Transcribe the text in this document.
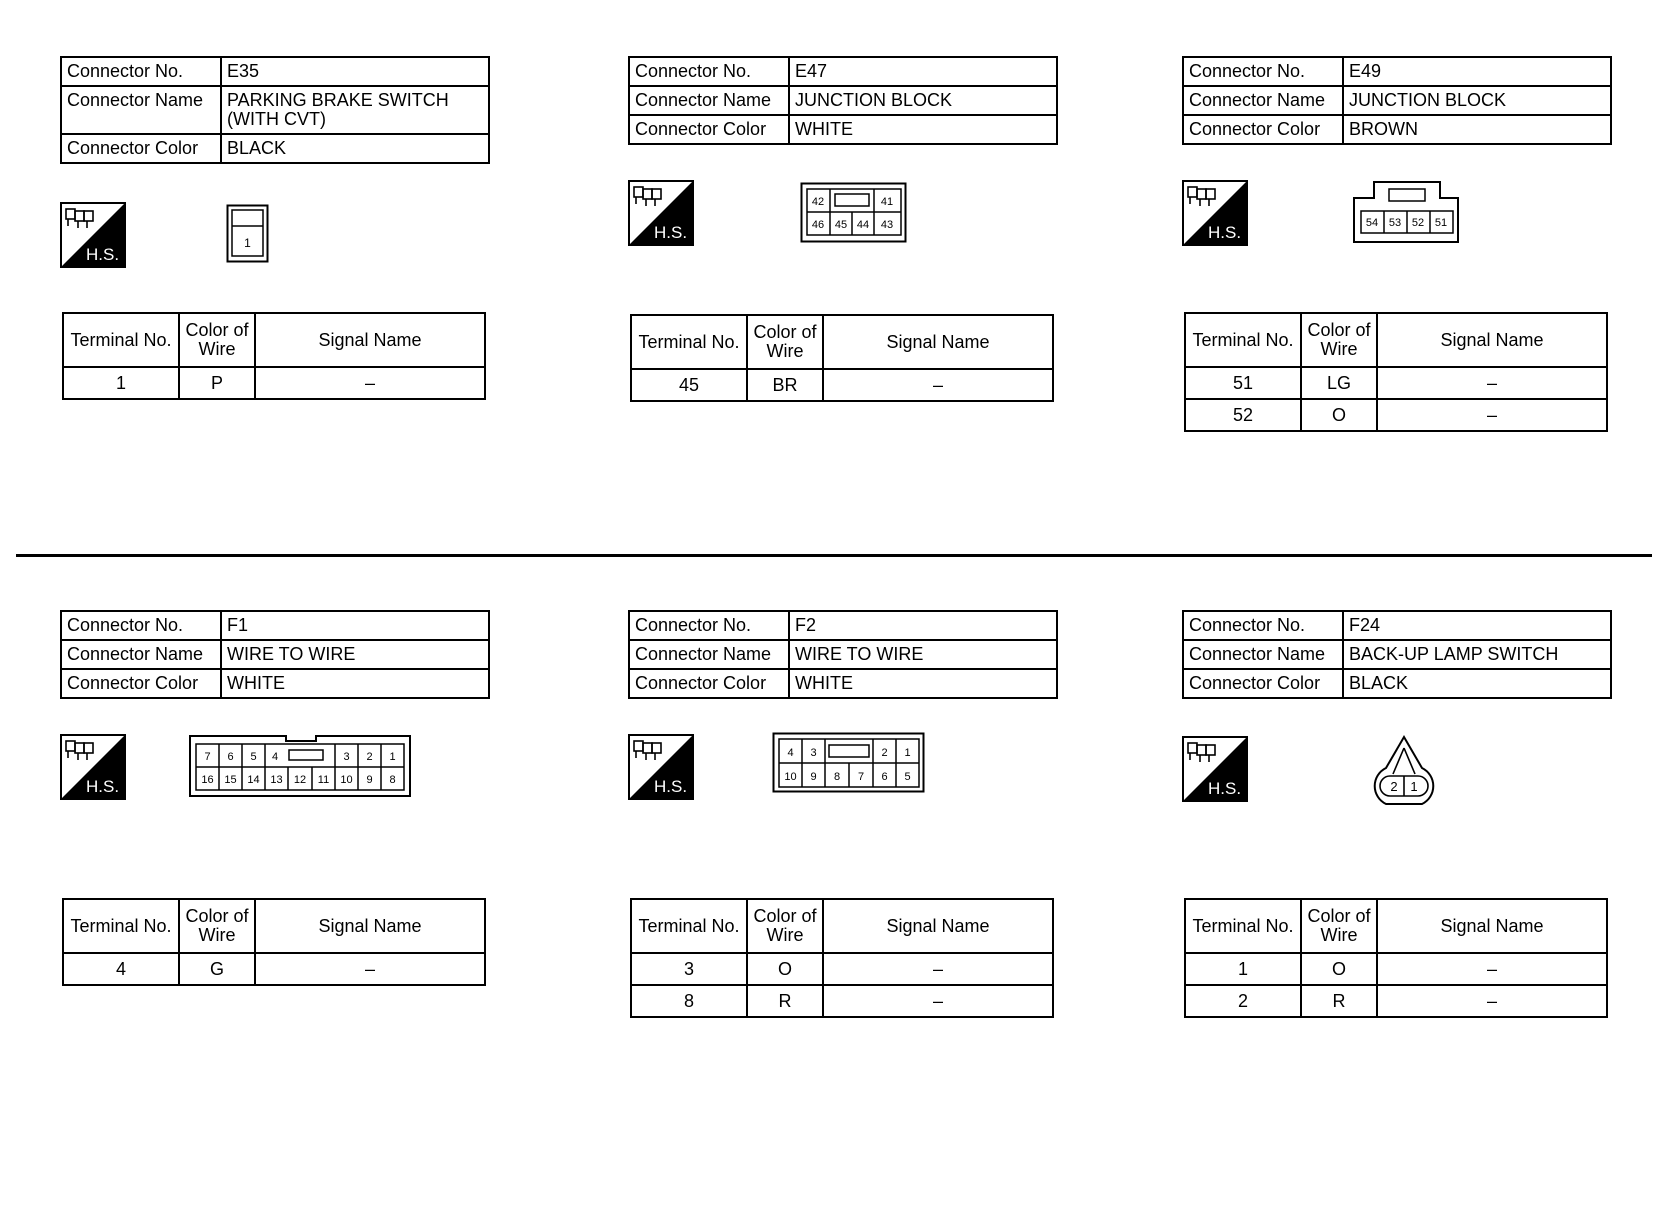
Connector No.	E35
Connector Name	PARKING BRAKE SWITCH
(WITH CVT)
Connector Color	BLACK
H.S.
1
Terminal No.	Color of Wire	Signal Name
1	P	–
Connector No.	E47
Connector Name	JUNCTION BLOCK
Connector Color	WHITE
H.S.
42	41
46 45 44 43
Terminal No.	Color of Wire	Signal Name
45	BR	–
Connector No.	E49
Connector Name	JUNCTION BLOCK
Connector Color	BROWN
H.S.	54 53 52 51
Terminal No.	Color of Wire	Signal Name
51	LG	–
52	O	–
Connector No.	F1
Connector Name	WIRE TO WIRE
Connector Color	WHITE
H.S.
7 6 5 4	3 2 1
16 15 14 13 12 11 10 9 8
Terminal No.	Color of Wire	Signal Name
4	G	–
Connector No.	F2
Connector Name	WIRE TO WIRE
Connector Color	WHITE
H.S.
4 3	2 1
10 9 8 7 6 5
Terminal No.	Color of Wire	Signal Name
3	O	–
8	R	–
Connector No.	F24
Connector Name	BACK-UP LAMP SWITCH
Connector Color	BLACK
H.S.	2 1
Terminal No.	Color of Wire	Signal Name
1	O	–
2	R	–
